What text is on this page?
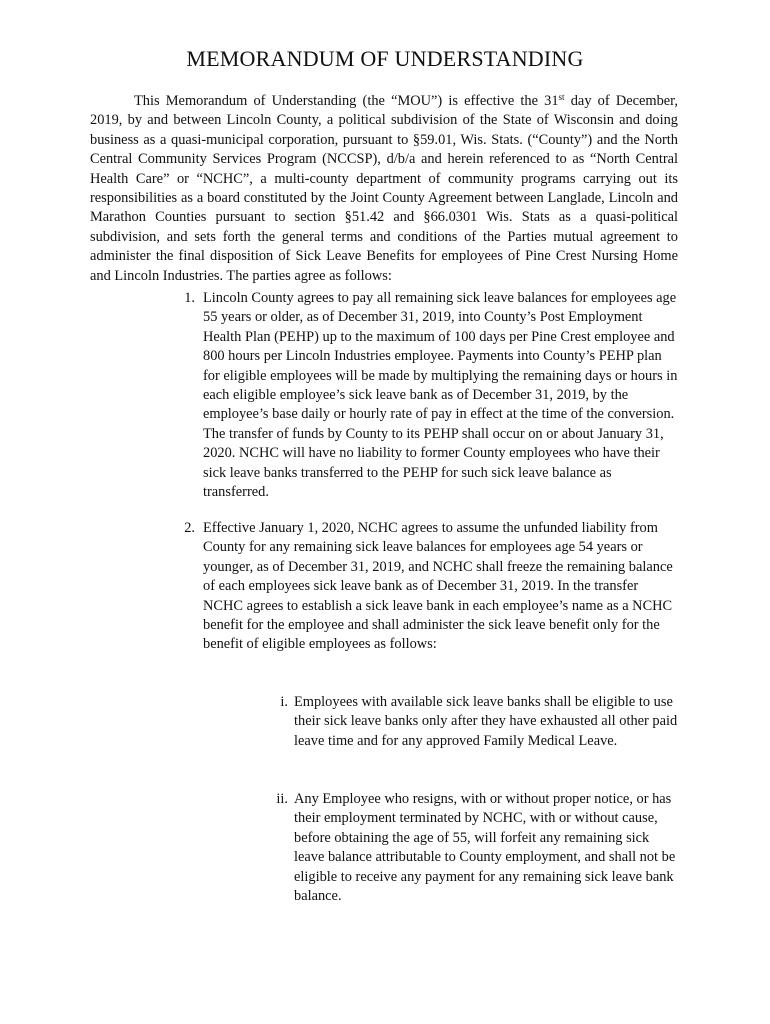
MEMORANDUM OF UNDERSTANDING

This Memorandum of Understanding (the “MOU”) is effective the 31st day of December, 2019, by and between Lincoln County, a political subdivision of the State of Wisconsin and doing business as a quasi-municipal corporation, pursuant to §59.01, Wis. Stats. (“County”) and the North Central Community Services Program (NCCSP), d/b/a and herein referenced to as “North Central Health Care” or “NCHC”, a multi-county department of community programs carrying out its responsibilities as a board constituted by the Joint County Agreement between Langlade, Lincoln and Marathon Counties pursuant to section §51.42 and §66.0301 Wis. Stats as a quasi-political subdivision, and sets forth the general terms and conditions of the Parties mutual agreement to administer the final disposition of Sick Leave Benefits for employees of Pine Crest Nursing Home and Lincoln Industries. The parties agree as follows:

1. Lincoln County agrees to pay all remaining sick leave balances for employees age 55 years or older, as of December 31, 2019, into County’s Post Employment Health Plan (PEHP) up to the maximum of 100 days per Pine Crest employee and 800 hours per Lincoln Industries employee. Payments into County’s PEHP plan for eligible employees will be made by multiplying the remaining days or hours in each eligible employee’s sick leave bank as of December 31, 2019, by the employee’s base daily or hourly rate of pay in effect at the time of the conversion. The transfer of funds by County to its PEHP shall occur on or about January 31, 2020. NCHC will have no liability to former County employees who have their sick leave banks transferred to the PEHP for such sick leave balance as transferred.
2. Effective January 1, 2020, NCHC agrees to assume the unfunded liability from County for any remaining sick leave balances for employees age 54 years or younger, as of December 31, 2019, and NCHC shall freeze the remaining balance of each employees sick leave bank as of December 31, 2019. In the transfer NCHC agrees to establish a sick leave bank in each employee’s name as a NCHC benefit for the employee and shall administer the sick leave benefit only for the benefit of eligible employees as follows:
i. Employees with available sick leave banks shall be eligible to use their sick leave banks only after they have exhausted all other paid leave time and for any approved Family Medical Leave.
ii. Any Employee who resigns, with or without proper notice, or has their employment terminated by NCHC, with or without cause, before obtaining the age of 55, will forfeit any remaining sick leave balance attributable to County employment, and shall not be eligible to receive any payment for any remaining sick leave bank balance.
